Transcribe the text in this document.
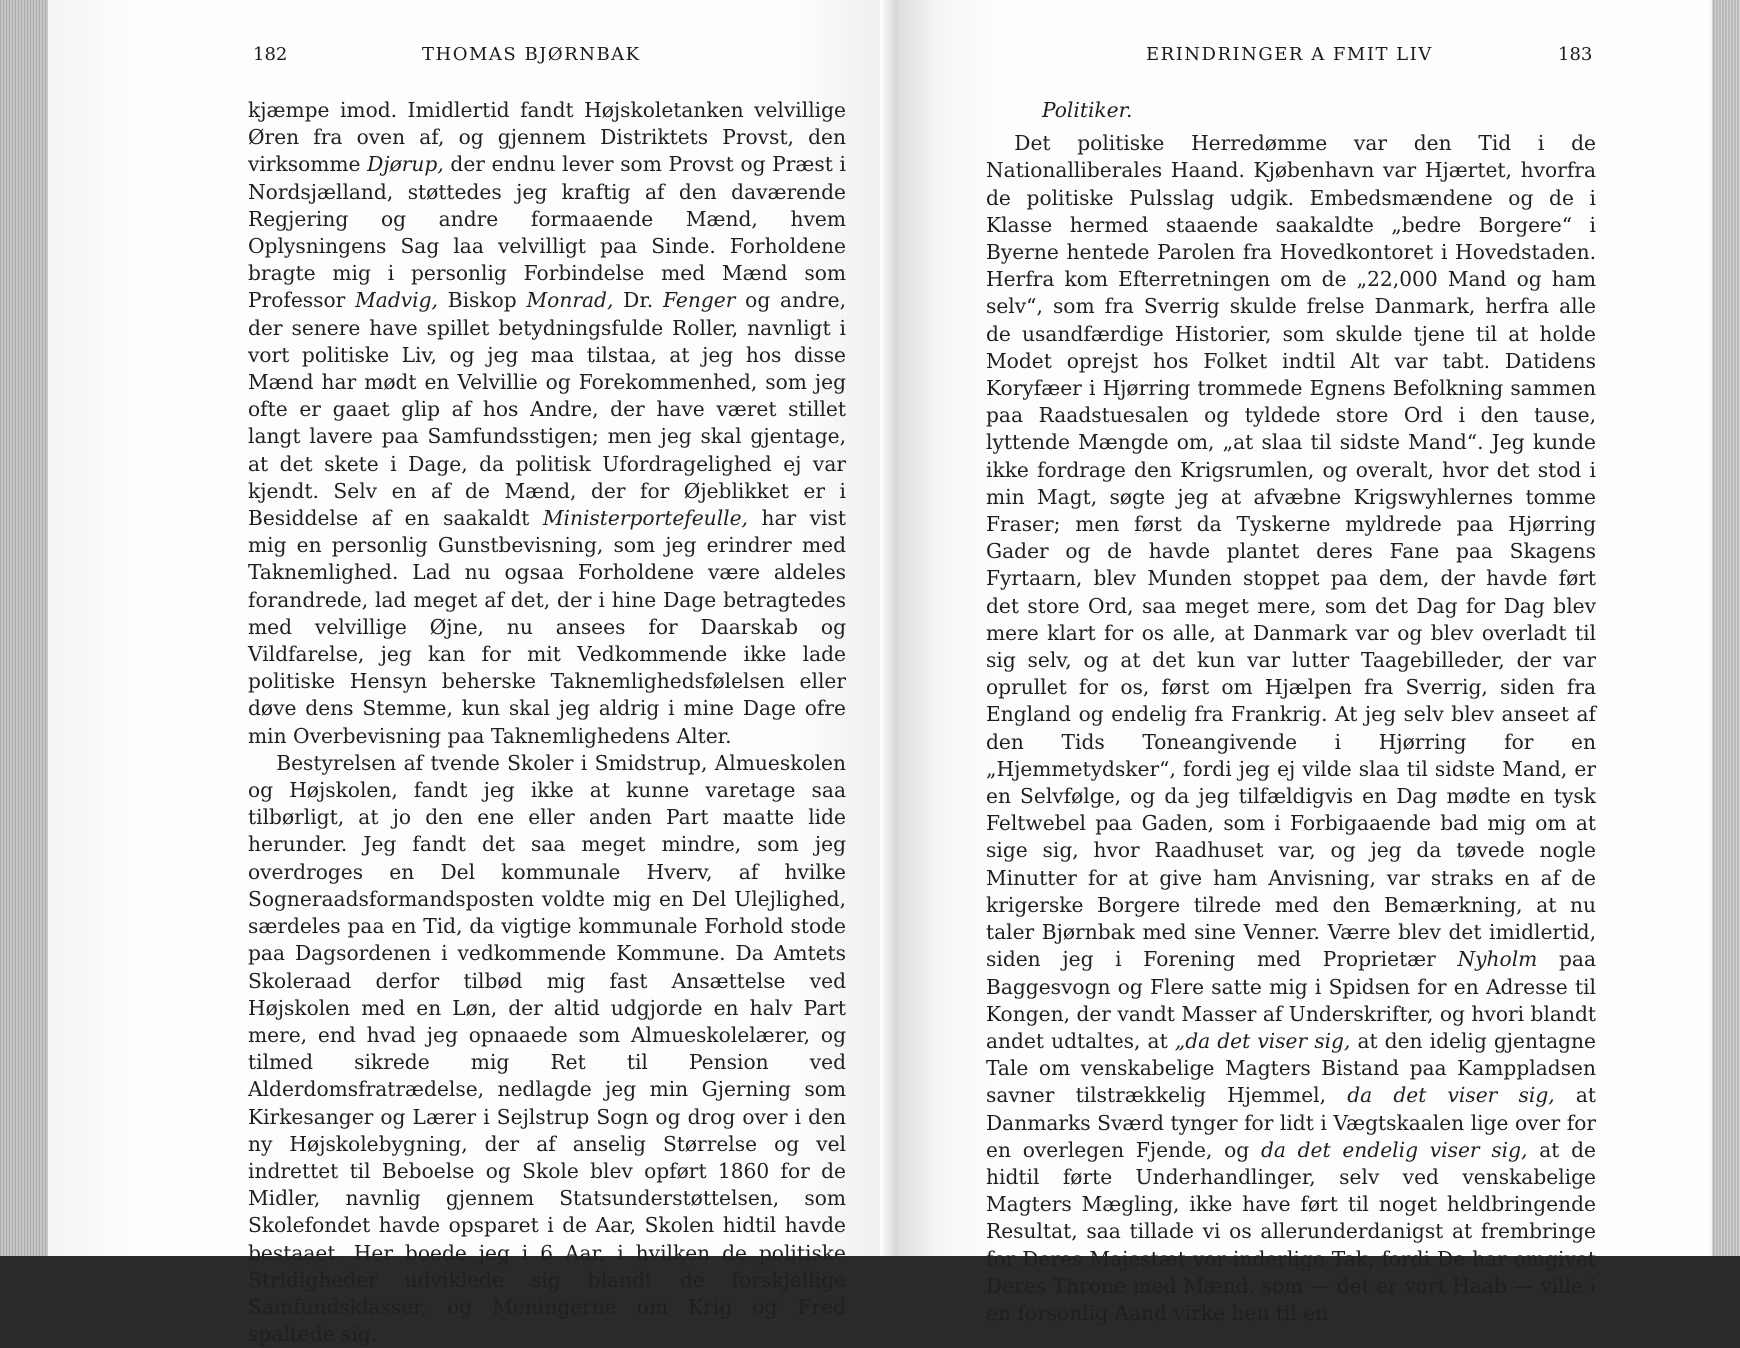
182	THOMAS BJØRNBAK

kjæmpe imod. Imidlertid fandt Højskoletanken velvillige Øren fra oven af, og gjennem Distriktets Provst, den virksomme Djørup, der endnu lever som Provst og Præst i Nordsjælland, støttedes jeg kraftig af den daværende Regjering og andre formaaende Mænd, hvem Oplysningens Sag laa velvilligt paa Sinde. Forholdene bragte mig i personlig Forbindelse med Mænd som Professor Madvig, Biskop Monrad, Dr. Fenger og andre, der senere have spillet betydningsfulde Roller, navnligt i vort politiske Liv, og jeg maa tilstaa, at jeg hos disse Mænd har mødt en Velvillie og Forekommenhed, som jeg ofte er gaaet glip af hos Andre, der have været stillet langt lavere paa Samfundsstigen; men jeg skal gjentage, at det skete i Dage, da politisk Ufordragelighed ej var kjendt. Selv en af de Mænd, der for Øjeblikket er i Besiddelse af en saakaldt Ministerportefeulle, har vist mig en personlig Gunstbevisning, som jeg erindrer med Taknemlighed. Lad nu ogsaa Forholdene være aldeles forandrede, lad meget af det, der i hine Dage betragtedes med velvillige Øjne, nu ansees for Daarskab og Vildfarelse, jeg kan for mit Vedkommende ikke lade politiske Hensyn beherske Taknemlighedsfølelsen eller døve dens Stemme, kun skal jeg aldrig i mine Dage ofre min Overbevisning paa Taknemlighedens Alter.

Bestyrelsen af tvende Skoler i Smidstrup, Almueskolen og Højskolen, fandt jeg ikke at kunne varetage saa tilbørligt, at jo den ene eller anden Part maatte lide herunder. Jeg fandt det saa meget mindre, som jeg overdroges en Del kommunale Hverv, af hvilke Sogneraadsformandsposten voldte mig en Del Ulejlighed, særdeles paa en Tid, da vigtige kommunale Forhold stode paa Dagsordenen i vedkommende Kommune. Da Amtets Skoleraad derfor tilbød mig fast Ansættelse ved Højskolen med en Løn, der altid udgjorde en halv Part mere, end hvad jeg opnaaede som Almueskolelærer, og tilmed sikrede mig Ret til Pension ved Alderdomsfratrædelse, nedlagde jeg min Gjerning som Kirkesanger og Lærer i Sejlstrup Sogn og drog over i den ny Højskolebygning, der af anselig Størrelse og vel indrettet til Beboelse og Skole blev opført 1860 for de Midler, navnlig gjennem Statsunderstøttelsen, som Skolefondet havde opsparet i de Aar, Skolen hidtil havde bestaaet. Her boede jeg i 6 Aar, i hvilken de politiske Stridigheder udviklede sig blandt de forskjellige Samfundsklasser, og Meningerne om Krig og Fred spaltede sig.

ERINDRINGER A FMIT LIV	183
Politiker.

Det politiske Herredømme var den Tid i de Nationalliberales Haand. Kjøbenhavn var Hjærtet, hvorfra de politiske Pulsslag udgik. Embedsmændene og de i Klasse hermed staaende saakaldte „bedre Borgere“ i Byerne hentede Parolen fra Hovedkontoret i Hovedstaden. Herfra kom Efterretningen om de „22,000 Mand og ham selv“, som fra Sverrig skulde frelse Danmark, herfra alle de usandfærdige Historier, som skulde tjene til at holde Modet oprejst hos Folket indtil Alt var tabt. Datidens Koryfæer i Hjørring trommede Egnens Befolkning sammen paa Raadstuesalen og tyldede store Ord i den tause, lyttende Mængde om, „at slaa til sidste Mand“. Jeg kunde ikke fordrage den Krigsrumlen, og overalt, hvor det stod i min Magt, søgte jeg at afvæbne Krigswyhlernes tomme Fraser; men først da Tyskerne myldrede paa Hjørring Gader og de havde plantet deres Fane paa Skagens Fyrtaarn, blev Munden stoppet paa dem, der havde ført det store Ord, saa meget mere, som det Dag for Dag blev mere klart for os alle, at Danmark var og blev overladt til sig selv, og at det kun var lutter Taagebilleder, der var oprullet for os, først om Hjælpen fra Sverrig, siden fra England og endelig fra Frankrig. At jeg selv blev anseet af den Tids Toneangivende i Hjørring for en „Hjemmetydsker“, fordi jeg ej vilde slaa til sidste Mand, er en Selvfølge, og da jeg tilfældigvis en Dag mødte en tysk Feltwebel paa Gaden, som i Forbigaaende bad mig om at sige sig, hvor Raadhuset var, og jeg da tøvede nogle Minutter for at give ham Anvisning, var straks en af de krigerske Borgere tilrede med den Bemærkning, at nu taler Bjørnbak med sine Venner. Værre blev det imidlertid, siden jeg i Forening med Proprietær Nyholm paa Baggesvogn og Flere satte mig i Spidsen for en Adresse til Kongen, der vandt Masser af Underskrifter, og hvori blandt andet udtaltes, at „da det viser sig, at den idelig gjentagne Tale om venskabelige Magters Bistand paa Kamppladsen savner tilstrækkelig Hjemmel, da det viser sig, at Danmarks Sværd tynger for lidt i Vægtskaalen lige over for en overlegen Fjende, og da det endelig viser sig, at de hidtil førte Underhandlinger, selv ved venskabelige Magters Mægling, ikke have ført til noget heldbringende Resultat, saa tillade vi os allerunderdanigst at frembringe for Deres Majestæt vor inderlige Tak, fordi De har omgivet Deres Throne med Mænd, som — det er vort Haab — ville i en forsonlig Aand virke hen til en
